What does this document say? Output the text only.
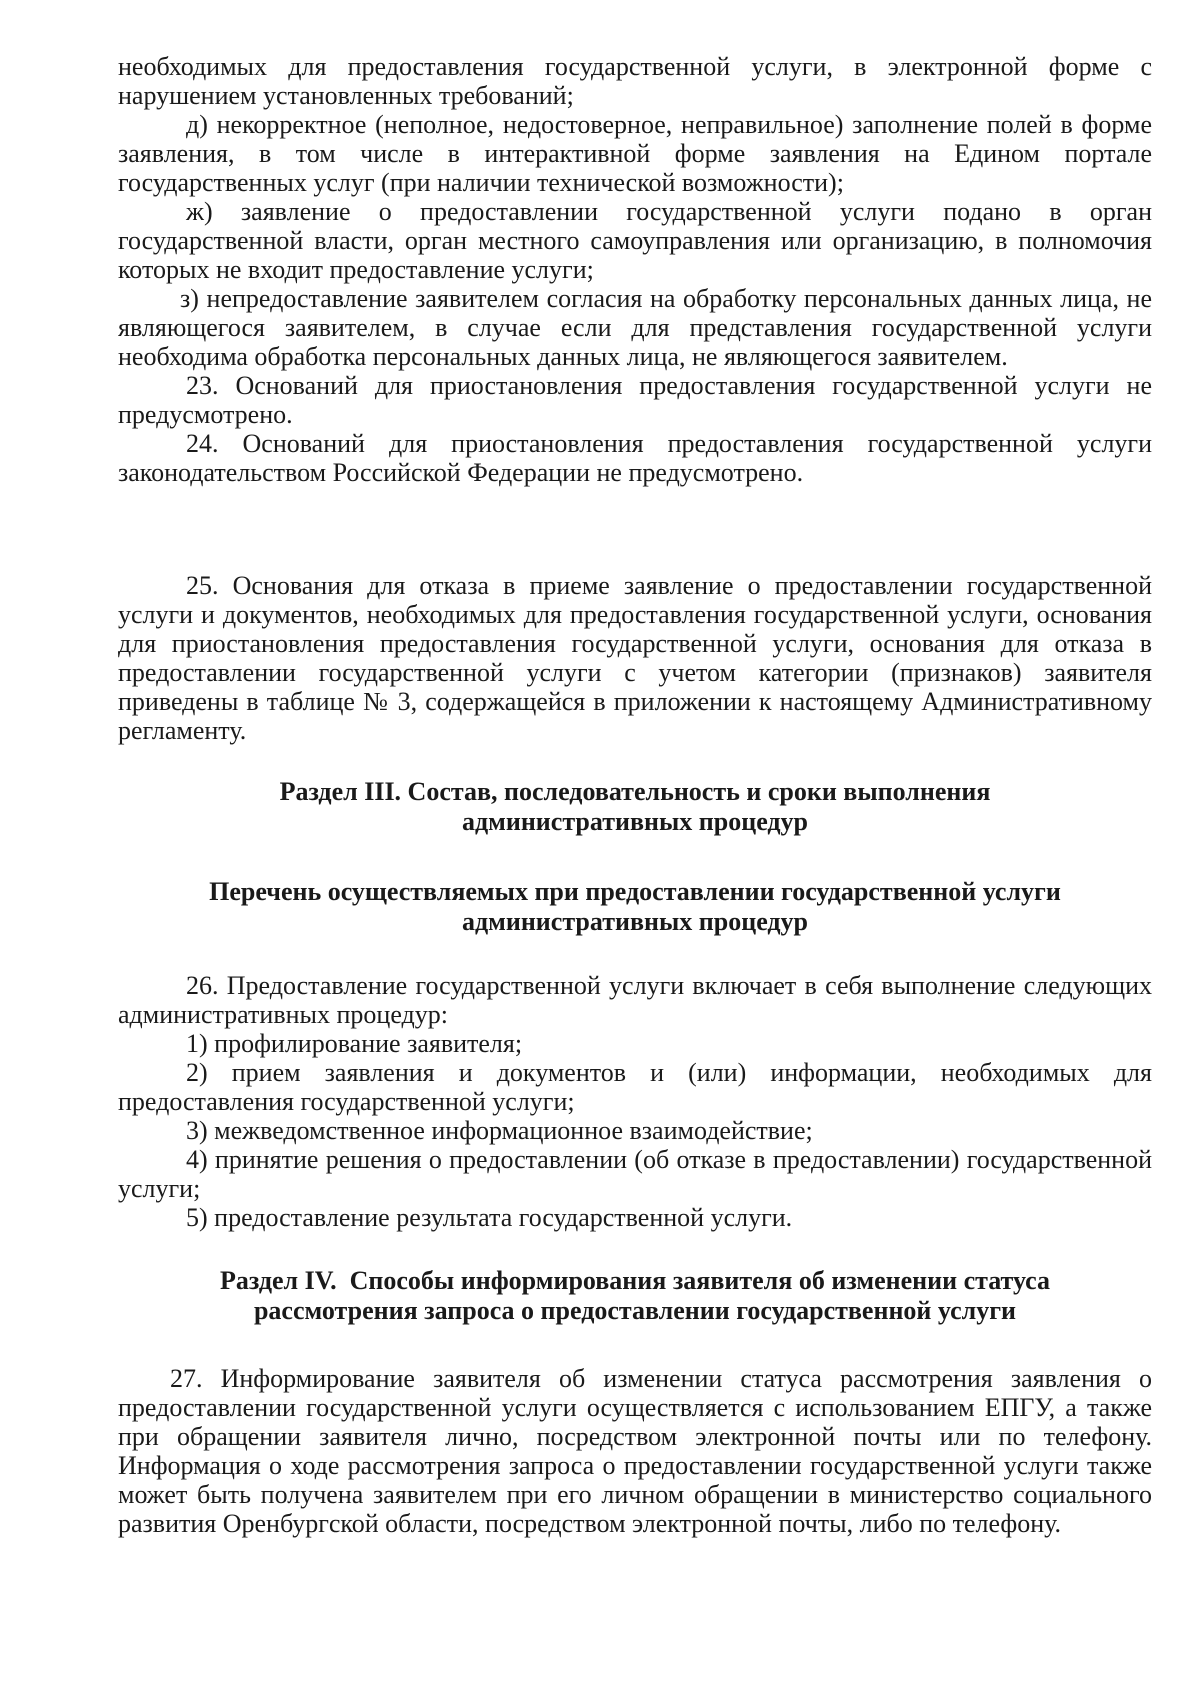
необходимых для предоставления государственной услуги, в электронной форме с нарушением установленных требований;

д) некорректное (неполное, недостоверное, неправильное) заполнение полей в форме заявления, в том числе в интерактивной форме заявления на Едином портале государственных услуг (при наличии технической возможности);

ж) заявление о предоставлении государственной услуги подано в орган государственной власти, орган местного самоуправления или организацию, в полномочия которых не входит предоставление услуги;

з) непредоставление заявителем согласия на обработку персональных данных лица, не являющегося заявителем, в случае если для представления государственной услуги необходима обработка персональных данных лица, не являющегося заявителем.

23. Оснований для приостановления предоставления государственной услуги не предусмотрено.

24. Оснований для приостановления предоставления государственной услуги законодательством Российской Федерации не предусмотрено.

25. Основания для отказа в приеме заявление о предоставлении государственной услуги и документов, необходимых для предоставления государственной услуги, основания для приостановления предоставления государственной услуги, основания для отказа в предоставлении государственной услуги с учетом категории (признаков) заявителя приведены в таблице № 3, содержащейся в приложении к настоящему Административному регламенту.

Раздел III. Состав, последовательность и сроки выполнения
административных процедур
Перечень осуществляемых при предоставлении государственной услуги
административных процедур

26. Предоставление государственной услуги включает в себя выполнение следующих административных процедур:

1) профилирование заявителя;

2) прием заявления и документов и (или) информации, необходимых для предоставления государственной услуги;

3) межведомственное информационное взаимодействие;

4) принятие решения о предоставлении (об отказе в предоставлении) государственной услуги;

5) предоставление результата государственной услуги.

Раздел IV.  Способы информирования заявителя об изменении статуса
рассмотрения запроса о предоставлении государственной услуги

27. Информирование заявителя об изменении статуса рассмотрения заявления о предоставлении государственной услуги осуществляется с использованием ЕПГУ, а также при обращении заявителя лично, посредством электронной почты или по телефону. Информация о ходе рассмотрения запроса о предоставлении государственной услуги также может быть получена заявителем при его личном обращении в министерство социального развития Оренбургской области, посредством электронной почты, либо по телефону.
